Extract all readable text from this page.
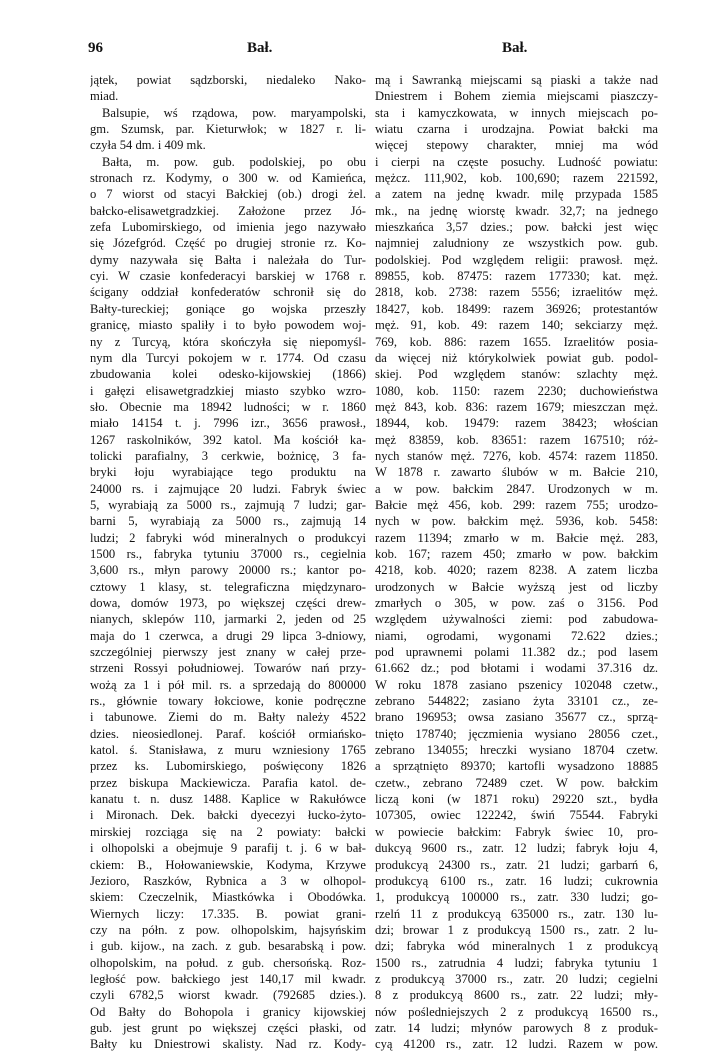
96	Bał.	Bał.
jątek, powiat sądzborski, niedaleko Nako-
miad.
Balsupie, wś rządowa, pow. maryampolski,
gm. Szumsk, par. Kieturwłok; w 1827 r. li-
czyła 54 dm. i 409 mk.
Bałta, m. pow. gub. podolskiej, po obu
stronach rz. Kodymy, o 300 w. od Kamieńca,
o 7 wiorst od stacyi Bałckiej (ob.) drogi żel.
bałcko-elisawetgradzkiej. Założone przez Jó-
zefa Lubomirskiego, od imienia jego nazywało
się Józefgród. Część po drugiej stronie rz. Ko-
dymy nazywała się Bałta i należała do Tur-
cyi. W czasie konfederacyi barskiej w 1768 r.
ścigany oddział konfederatów schronił się do
Bałty-tureckiej; goniące go wojska przeszły
granicę, miasto spaliły i to było powodem woj-
ny z Turcyą, która skończyła się niepomyśl-
nym dla Turcyi pokojem w r. 1774. Od czasu
zbudowania kolei odesko-kijowskiej (1866)
i gałęzi elisawetgradzkiej miasto szybko wzro-
sło. Obecnie ma 18942 ludności; w r. 1860
miało 14154 t. j. 7996 izr., 3656 prawosł.,
1267 raskolników, 392 katol. Ma kościół ka-
tolicki parafialny, 3 cerkwie, bożnicę, 3 fa-
bryki łoju wyrabiające tego produktu na
24000 rs. i zajmujące 20 ludzi. Fabryk świec
5, wyrabiają za 5000 rs., zajmują 7 ludzi; gar-
barni 5, wyrabiają za 5000 rs., zajmują 14
ludzi; 2 fabryki wód mineralnych o produkcyi
1500 rs., fabryka tytuniu 37000 rs., cegielnia
3,600 rs., młyn parowy 20000 rs.; kantor po-
cztowy 1 klasy, st. telegraficzna międzynaro-
dowa, domów 1973, po większej części drew-
nianych, sklepów 110, jarmarki 2, jeden od 25
maja do 1 czerwca, a drugi 29 lipca 3-dniowy,
szczególniej pierwszy jest znany w całej prze-
strzeni Rossyi południowej. Towarów nań przy-
wożą za 1 i pół mil. rs. a sprzedają do 800000
rs., głównie towary łokciowe, konie podręczne
i tabunowe. Ziemi do m. Bałty należy 4522
dzies. nieosiedlonej. Paraf. kościół ormiańsko-
katol. ś. Stanisława, z muru wzniesiony 1765
przez ks. Lubomirskiego, poświęcony 1826
przez biskupa Mackiewicza. Parafia katol. de-
kanatu t. n. dusz 1488. Kaplice w Rakułówce
i Mironach. Dek. bałcki dyecezyi łucko-żyto-
mirskiej rozciąga się na 2 powiaty: bałcki
i olhopolski a obejmuje 9 parafij t. j. 6 w bał-
ckiem: B., Hołowaniewskie, Kodyma, Krzywe
Jezioro, Raszków, Rybnica a 3 w olhopol-
skiem: Czeczelnik, Miastkówka i Obodówka.
Wiernych liczy: 17.335. B. powiat grani-
czy na półn. z pow. olhopolskim, hajsyńskim
i gub. kijow., na zach. z gub. besarabską i pow.
olhopolskim, na połud. z gub. chersońską. Roz-
ległość pow. bałckiego jest 140,17 mil kwadr.
czyli 6782,5 wiorst kwadr. (792685 dzies.).
Od Bałty do Bohopola i granicy kijowskiej
gub. jest grunt po większej części płaski, od
Bałty ku Dniestrowi skalisty. Nad rz. Kody-
mą i Sawranką miejscami są piaski a także nad
Dniestrem i Bohem ziemia miejscami piaszczy-
sta i kamyczkowata, w innych miejscach po-
wiatu czarna i urodzajna. Powiat bałcki ma
więcej stepowy charakter, mniej ma wód
i cierpi na częste posuchy. Ludność powiatu:
mężcz. 111,902, kob. 100,690; razem 221592,
a zatem na jednę kwadr. milę przypada 1585
mk., na jednę wiorstę kwadr. 32,7; na jednego
mieszkańca 3,57 dzies.; pow. bałcki jest więc
najmniej zaludniony ze wszystkich pow. gub.
podolskiej. Pod względem religii: prawosł. męż.
89855, kob. 87475: razem 177330; kat. męż.
2818, kob. 2738: razem 5556; izraelitów męż.
18427, kob. 18499: razem 36926; protestantów
męż. 91, kob. 49: razem 140; sekciarzy męż.
769, kob. 886: razem 1655. Izraelitów posia-
da więcej niż którykolwiek powiat gub. podol-
skiej. Pod względem stanów: szlachty męż.
1080, kob. 1150: razem 2230; duchowieństwa
męż 843, kob. 836: razem 1679; mieszczan męż.
18944, kob. 19479: razem 38423; włościan
męż 83859, kob. 83651: razem 167510; róż-
nych stanów męż. 7276, kob. 4574: razem 11850.
W 1878 r. zawarto ślubów w m. Bałcie 210,
a w pow. bałckim 2847. Urodzonych w m.
Bałcie męż 456, kob. 299: razem 755; urodzo-
nych w pow. bałckim męż. 5936, kob. 5458:
razem 11394; zmarło w m. Bałcie męż. 283,
kob. 167; razem 450; zmarło w pow. bałckim
4218, kob. 4020; razem 8238. A zatem liczba
urodzonych w Bałcie wyższą jest od liczby
zmarłych o 305, w pow. zaś o 3156. Pod
względem używalności ziemi: pod zabudowa-
niami, ogrodami, wygonami 72.622 dzies.;
pod uprawnemi polami 11.382 dz.; pod lasem
61.662 dz.; pod błotami i wodami 37.316 dz.
W roku 1878 zasiano pszenicy 102048 czetw.,
zebrano 544822; zasiano żyta 33101 cz., ze-
brano 196953; owsa zasiano 35677 cz., sprzą-
tnięto 178740; jęczmienia wysiano 28056 czet.,
zebrano 134055; hreczki wysiano 18704 czetw.
a sprzątnięto 89370; kartofli wysadzono 18885
czetw., zebrano 72489 czet. W pow. bałckim
liczą koni (w 1871 roku) 29220 szt., bydła
107305, owiec 122242, świń 75544. Fabryki
w powiecie bałckim: Fabryk świec 10, pro-
dukcyą 9600 rs., zatr. 12 ludzi; fabryk łoju 4,
produkcyą 24300 rs., zatr. 21 ludzi; garbarń 6,
produkcyą 6100 rs., zatr. 16 ludzi; cukrownia
1, produkcyą 100000 rs., zatr. 330 ludzi; go-
rzelń 11 z produkcyą 635000 rs., zatr. 130 lu-
dzi; browar 1 z produkcyą 1500 rs., zatr. 2 lu-
dzi; fabryka wód mineralnych 1 z produkcyą
1500 rs., zatrudnia 4 ludzi; fabryka tytuniu 1
z produkcyą 37000 rs., zatr. 20 ludzi; cegielni
8 z produkcyą 8600 rs., zatr. 22 ludzi; mły-
nów pośledniejszych 2 z produkcyą 16500 rs.,
zatr. 14 ludzi; młynów parowych 8 z produk-
cyą 41200 rs., zatr. 12 ludzi. Razem w pow.
